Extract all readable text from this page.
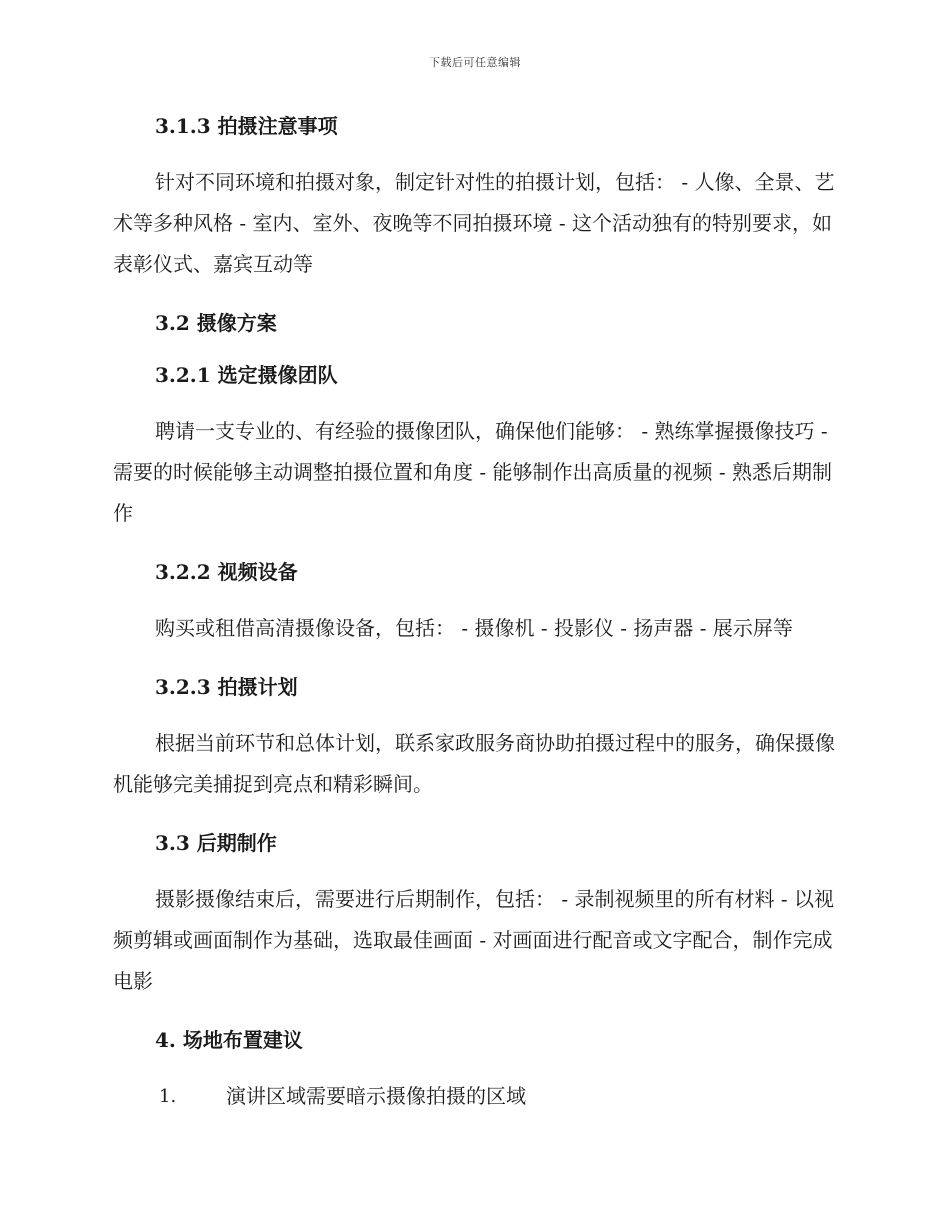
下载后可任意编辑
3.1.3 拍摄注意事项

针对不同环境和拍摄对象，制定针对性的拍摄计划，包括： - 人像、全景、艺术等多种风格 - 室内、室外、夜晚等不同拍摄环境 - 这个活动独有的特别要求，如表彰仪式、嘉宾互动等

3.2 摄像方案
3.2.1 选定摄像团队

聘请一支专业的、有经验的摄像团队，确保他们能够： - 熟练掌握摄像技巧 - 需要的时候能够主动调整拍摄位置和角度 - 能够制作出高质量的视频 - 熟悉后期制作

3.2.2 视频设备

购买或租借高清摄像设备，包括： - 摄像机 - 投影仪 - 扬声器 - 展示屏等

3.2.3 拍摄计划

根据当前环节和总体计划，联系家政服务商协助拍摄过程中的服务，确保摄像机能够完美捕捉到亮点和精彩瞬间。

3.3 后期制作

摄影摄像结束后，需要进行后期制作，包括： - 录制视频里的所有材料 - 以视频剪辑或画面制作为基础，选取最佳画面 - 对画面进行配音或文字配合，制作完成电影

4. 场地布置建议
1. 演讲区域需要暗示摄像拍摄的区域
